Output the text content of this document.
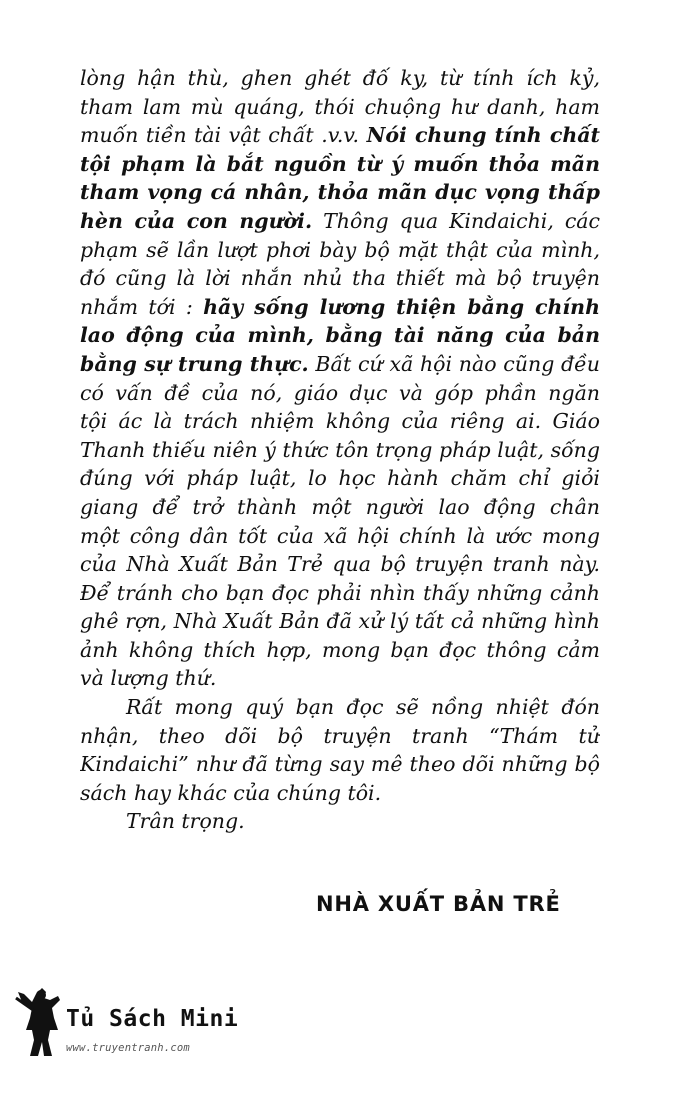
lòng hận thù, ghen ghét đố ky, từ tính ích kỷ,
tham lam mù quáng, thói chuộng hư danh, ham
muốn tiền tài vật chất .v.v. Nói chung tính chất
tội phạm là bắt nguồn từ ý muốn thỏa mãn
tham vọng cá nhân, thỏa mãn dục vọng thấp
hèn của con người. Thông qua Kindaichi, các
phạm sẽ lần lượt phơi bày bộ mặt thật của mình,
đó cũng là lời nhắn nhủ tha thiết mà bộ truyện
nhắm tới : hãy sống lương thiện bằng chính
lao động của mình, bằng tài năng của bản
bằng sự trung thực. Bất cứ xã hội nào cũng đều
có vấn đề của nó, giáo dục và góp phần ngăn
tội ác là trách nhiệm không của riêng ai. Giáo
Thanh thiếu niên ý thức tôn trọng pháp luật, sống
đúng với pháp luật, lo học hành chăm chỉ giỏi
giang để trở thành một người lao động chân
một công dân tốt của xã hội chính là ước mong
của Nhà Xuất Bản Trẻ qua bộ truyện tranh này.
Để tránh cho bạn đọc phải nhìn thấy những cảnh
ghê rợn, Nhà Xuất Bản đã xử lý tất cả những hình
ảnh không thích hợp, mong bạn đọc thông cảm
và lượng thứ.
Rất mong quý bạn đọc sẽ nồng nhiệt đón
nhận, theo dõi bộ truyện tranh “Thám tử
Kindaichi” như đã từng say mê theo dõi những bộ
sách hay khác của chúng tôi.
Trân trọng.
NHÀ XUẤT BẢN TRẺ
Tủ Sách Mini
www.truyentranh.com
